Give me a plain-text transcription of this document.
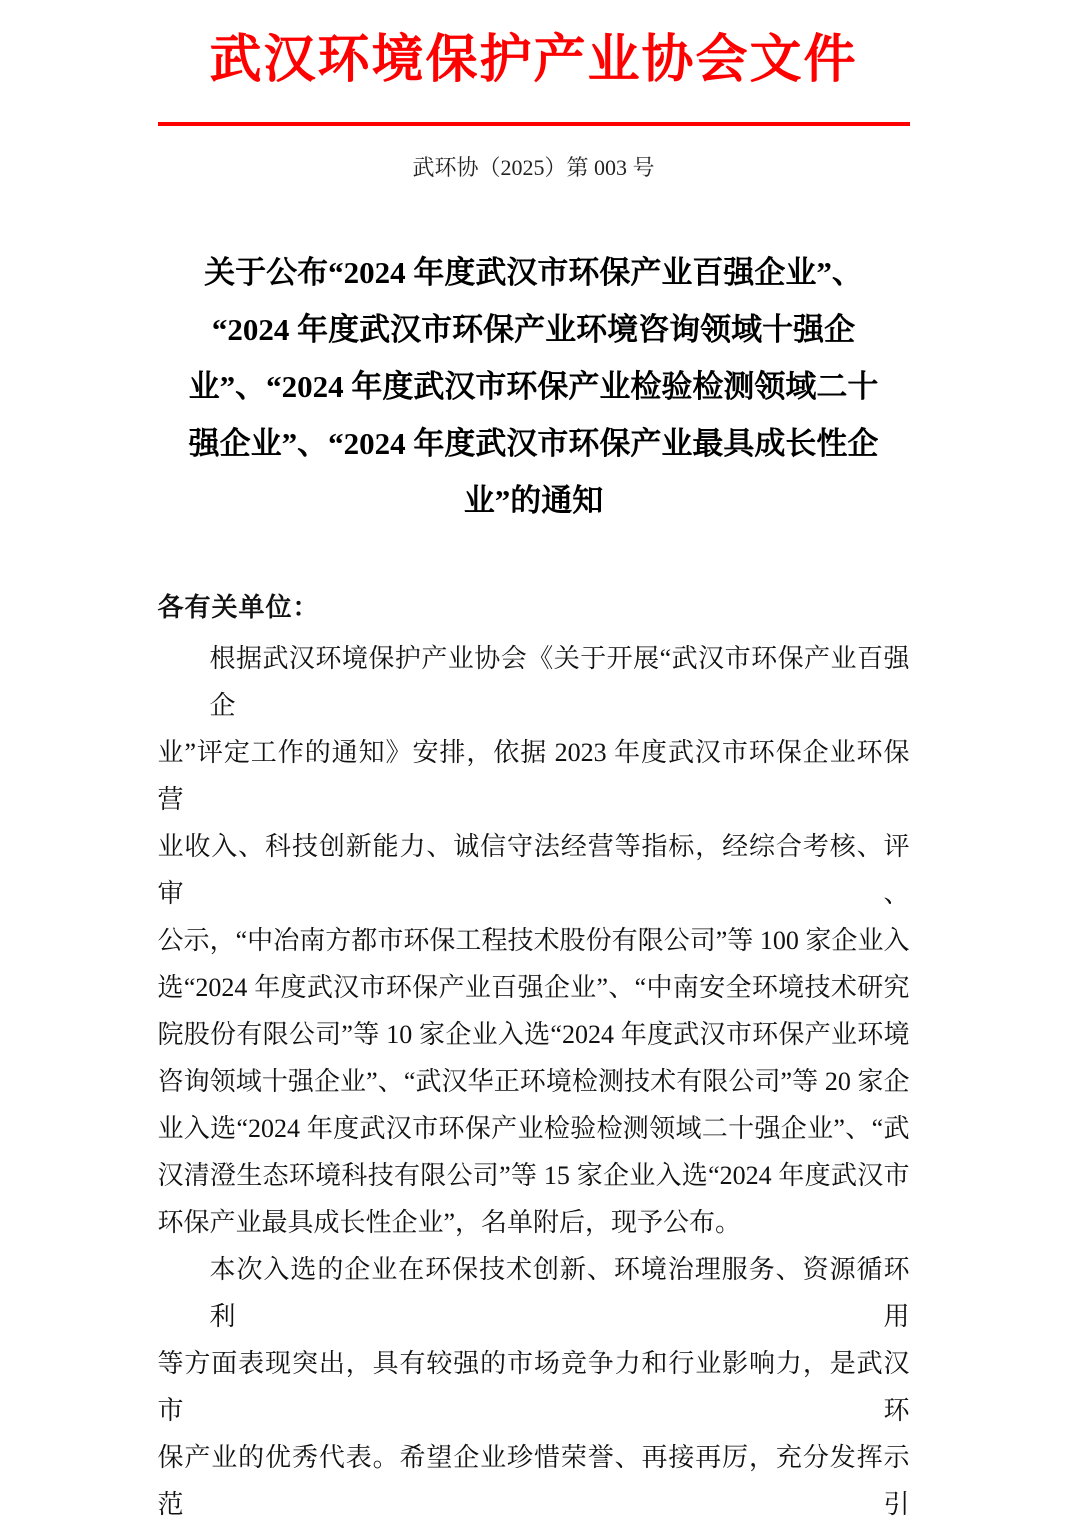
武汉环境保护产业协会文件
武环协（2025）第 003 号
关于公布“2024 年度武汉市环保产业百强企业”、
“2024 年度武汉市环保产业环境咨询领域十强企
业”、“2024 年度武汉市环保产业检验检测领域二十
强企业”、“2024 年度武汉市环保产业最具成长性企
业”的通知
各有关单位：
根据武汉环境保护产业协会《关于开展“武汉市环保产业百强企
业”评定工作的通知》安排，依据 2023 年度武汉市环保企业环保营
业收入、科技创新能力、诚信守法经营等指标，经综合考核、评审、
公示，“中冶南方都市环保工程技术股份有限公司”等 100 家企业入
选“2024 年度武汉市环保产业百强企业”、“中南安全环境技术研究
院股份有限公司”等 10 家企业入选“2024 年度武汉市环保产业环境
咨询领域十强企业”、“武汉华正环境检测技术有限公司”等 20 家企
业入选“2024 年度武汉市环保产业检验检测领域二十强企业”、“武
汉清澄生态环境科技有限公司”等 15 家企业入选“2024 年度武汉市
环保产业最具成长性企业”，名单附后，现予公布。
本次入选的企业在环保技术创新、环境治理服务、资源循环利用
等方面表现突出，具有较强的市场竞争力和行业影响力，是武汉市环
保产业的优秀代表。希望企业珍惜荣誉、再接再厉，充分发挥示范引
